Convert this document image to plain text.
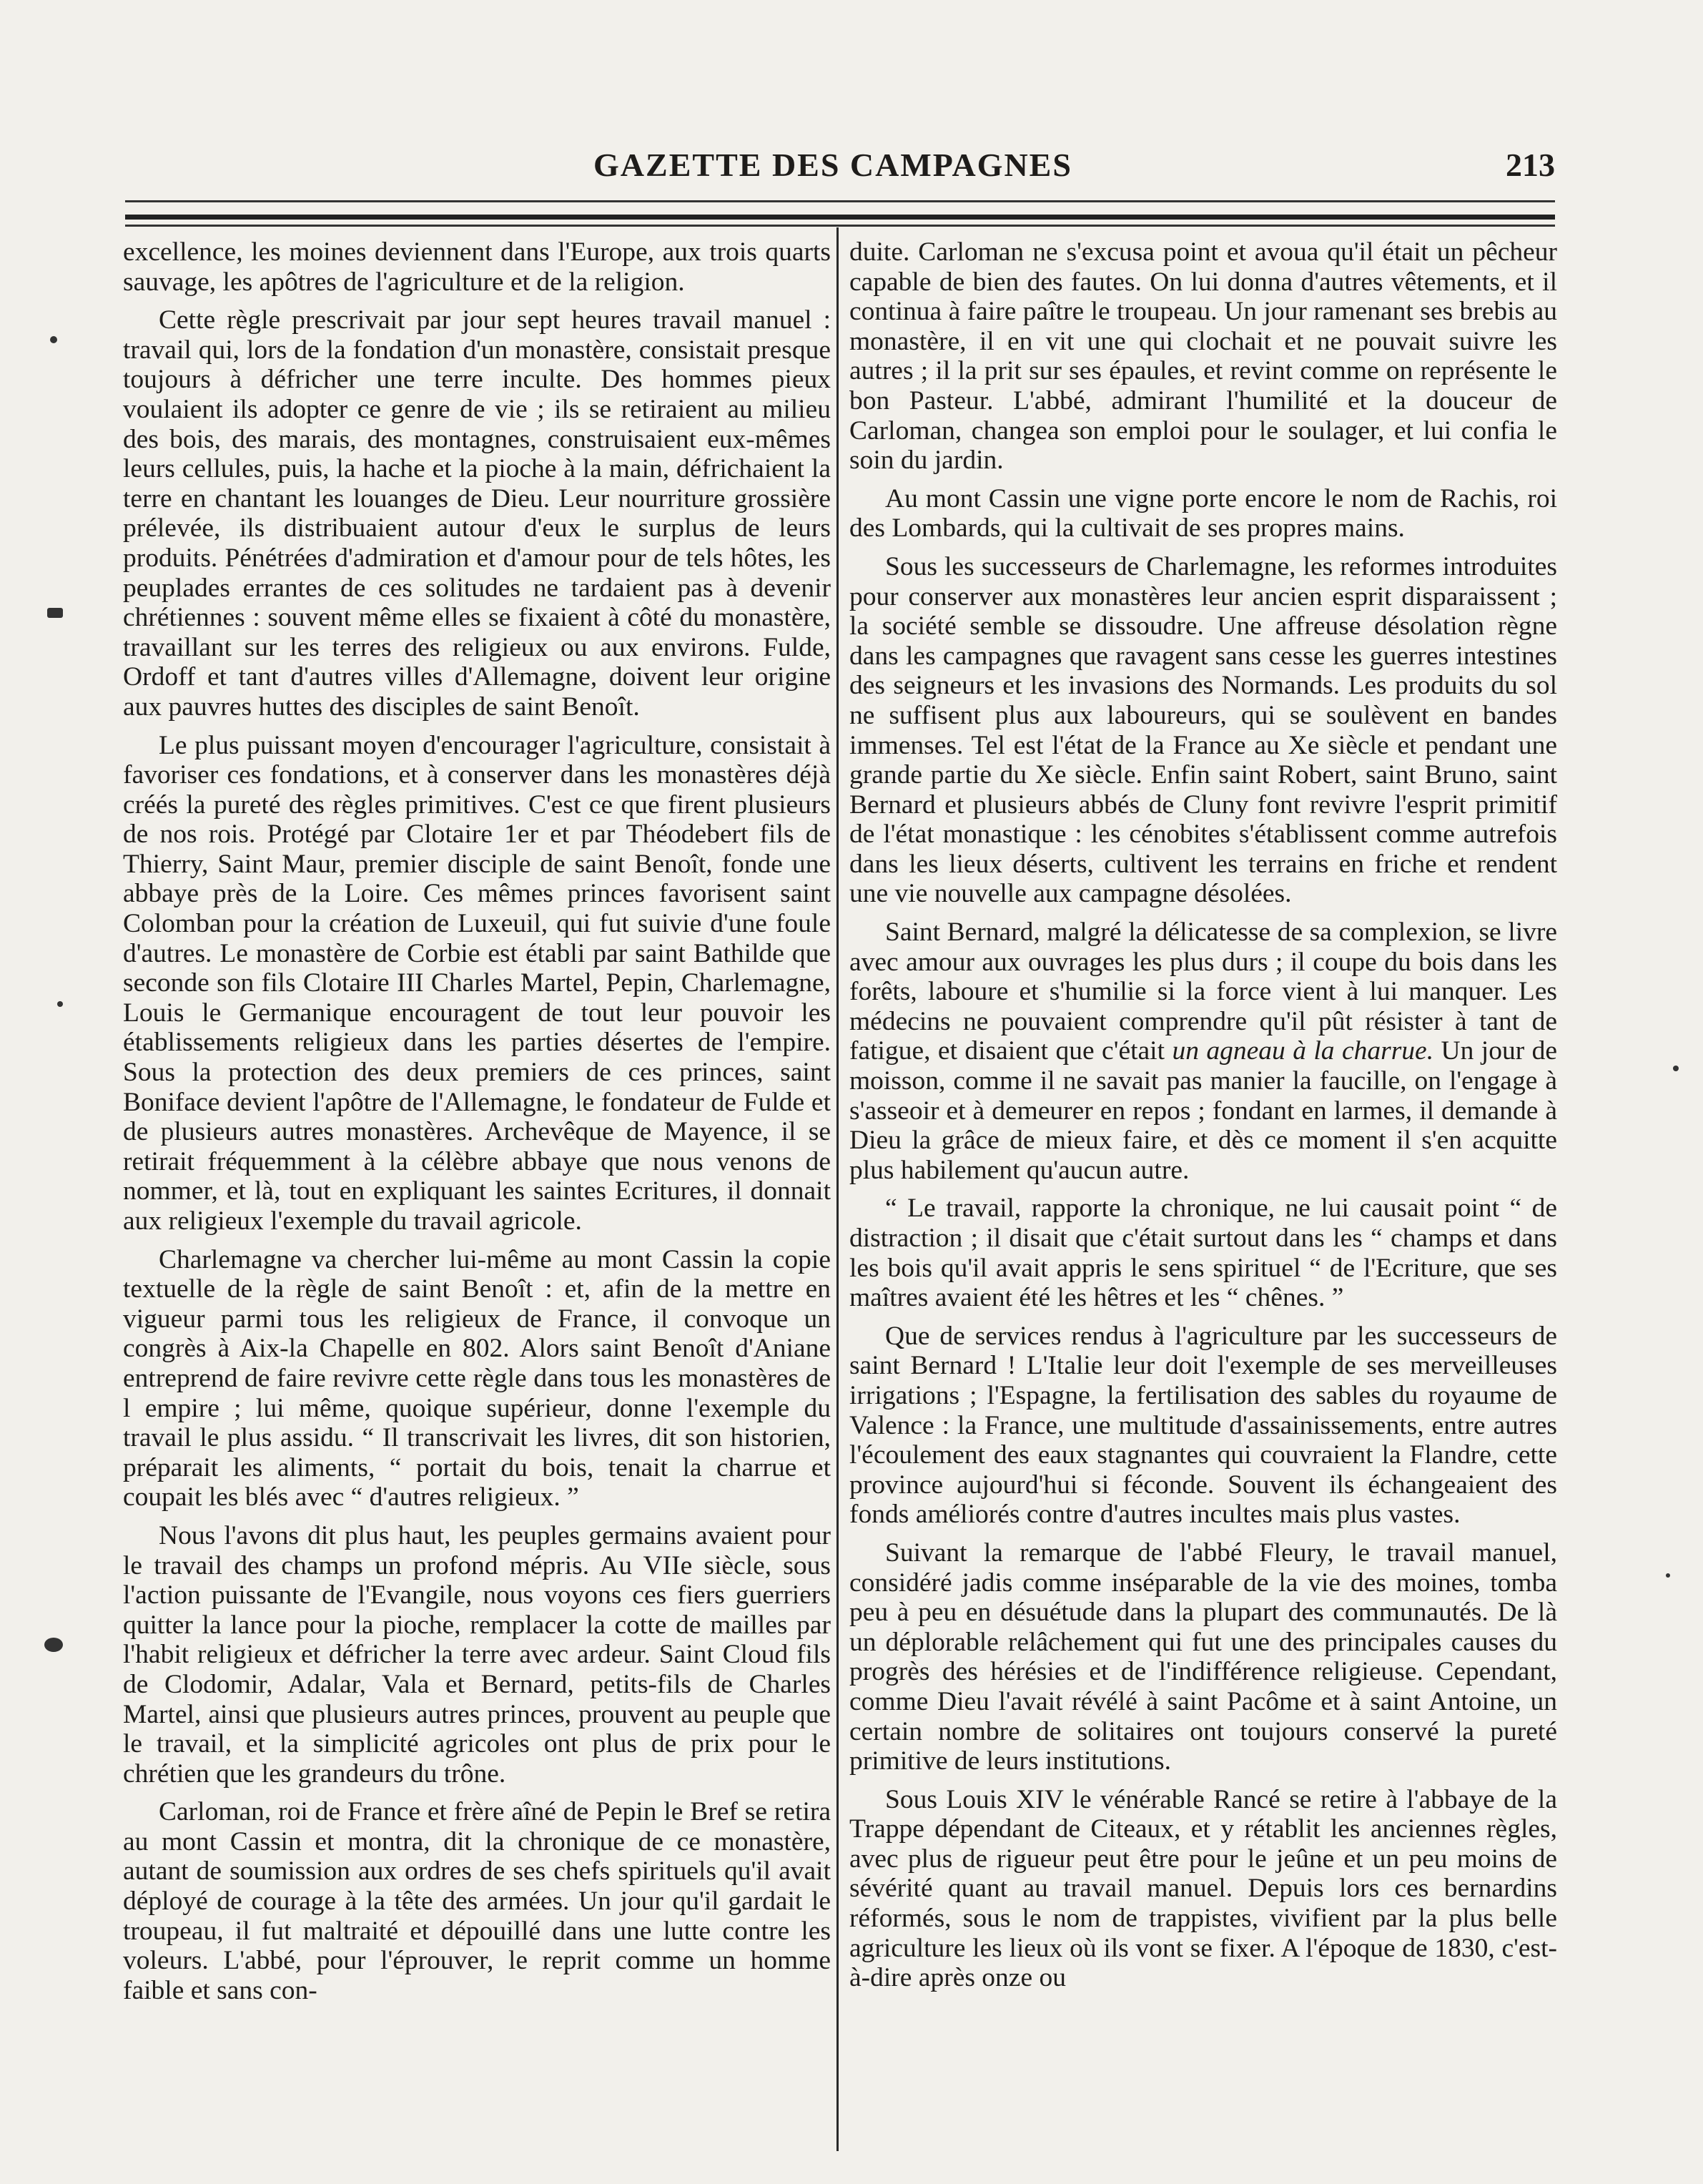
GAZETTE DES CAMPAGNES	213

excellence, les moines deviennent dans l'Europe, aux trois quarts sauvage, les apôtres de l'agriculture et de la religion.

Cette règle prescrivait par jour sept heures travail manuel : travail qui, lors de la fondation d'un monastère, consistait presque toujours à défricher une terre inculte. Des hommes pieux voulaient ils adopter ce genre de vie ; ils se retiraient au milieu des bois, des marais, des montagnes, construisaient eux-mêmes leurs cellules, puis, la hache et la pioche à la main, défrichaient la terre en chantant les louanges de Dieu. Leur nourriture grossière prélevée, ils distribuaient autour d'eux le surplus de leurs produits. Pénétrées d'admiration et d'amour pour de tels hôtes, les peuplades errantes de ces solitudes ne tardaient pas à devenir chrétiennes : souvent même elles se fixaient à côté du monastère, travaillant sur les terres des religieux ou aux environs. Fulde, Ordoff et tant d'autres villes d'Allemagne, doivent leur origine aux pauvres huttes des disciples de saint Benoît.

Le plus puissant moyen d'encourager l'agriculture, consistait à favoriser ces fondations, et à conserver dans les monastères déjà créés la pureté des règles primitives. C'est ce que firent plusieurs de nos rois. Protégé par Clotaire 1er et par Théodebert fils de Thierry, Saint Maur, premier disciple de saint Benoît, fonde une abbaye près de la Loire. Ces mêmes princes favorisent saint Colomban pour la création de Luxeuil, qui fut suivie d'une foule d'autres. Le monastère de Corbie est établi par saint Bathilde que seconde son fils Clotaire III Charles Martel, Pepin, Charlemagne, Louis le Germanique encouragent de tout leur pouvoir les établissements religieux dans les parties désertes de l'empire. Sous la protection des deux premiers de ces princes, saint Boniface devient l'apôtre de l'Allemagne, le fondateur de Fulde et de plusieurs autres monastères. Archevêque de Mayence, il se retirait fréquemment à la célèbre abbaye que nous venons de nommer, et là, tout en expliquant les saintes Ecritures, il donnait aux religieux l'exemple du travail agricole.

Charlemagne va chercher lui-même au mont Cassin la copie textuelle de la règle de saint Benoît : et, afin de la mettre en vigueur parmi tous les religieux de France, il convoque un congrès à Aix-la Chapelle en 802. Alors saint Benoît d'Aniane entreprend de faire revivre cette règle dans tous les monastères de l empire ; lui même, quoique supérieur, donne l'exemple du travail le plus assidu. “ Il transcrivait les livres, dit son historien, préparait les aliments, “ portait du bois, tenait la charrue et coupait les blés avec “ d'autres religieux. ”

Nous l'avons dit plus haut, les peuples germains avaient pour le travail des champs un profond mépris. Au VIIe siècle, sous l'action puissante de l'Evangile, nous voyons ces fiers guerriers quitter la lance pour la pioche, remplacer la cotte de mailles par l'habit religieux et défricher la terre avec ardeur. Saint Cloud fils de Clodomir, Adalar, Vala et Bernard, petits-fils de Charles Martel, ainsi que plusieurs autres princes, prouvent au peuple que le travail, et la simplicité agricoles ont plus de prix pour le chrétien que les grandeurs du trône.

Carloman, roi de France et frère aîné de Pepin le Bref se retira au mont Cassin et montra, dit la chronique de ce monastère, autant de soumission aux ordres de ses chefs spirituels qu'il avait déployé de courage à la tête des armées. Un jour qu'il gardait le troupeau, il fut maltraité et dépouillé dans une lutte contre les voleurs. L'abbé, pour l'éprouver, le reprit comme un homme faible et sans con-

duite. Carloman ne s'excusa point et avoua qu'il était un pêcheur capable de bien des fautes. On lui donna d'autres vêtements, et il continua à faire paître le troupeau. Un jour ramenant ses brebis au monastère, il en vit une qui clochait et ne pouvait suivre les autres ; il la prit sur ses épaules, et revint comme on représente le bon Pasteur. L'abbé, admirant l'humilité et la douceur de Carloman, changea son emploi pour le soulager, et lui confia le soin du jardin.

Au mont Cassin une vigne porte encore le nom de Rachis, roi des Lombards, qui la cultivait de ses propres mains.

Sous les successeurs de Charlemagne, les reformes introduites pour conserver aux monastères leur ancien esprit disparaissent ; la société semble se dissoudre. Une affreuse désolation règne dans les campagnes que ravagent sans cesse les guerres intestines des seigneurs et les invasions des Normands. Les produits du sol ne suffisent plus aux laboureurs, qui se soulèvent en bandes immenses. Tel est l'état de la France au Xe siècle et pendant une grande partie du Xe siècle. Enfin saint Robert, saint Bruno, saint Bernard et plusieurs abbés de Cluny font revivre l'esprit primitif de l'état monastique : les cénobites s'établissent comme autrefois dans les lieux déserts, cultivent les terrains en friche et rendent une vie nouvelle aux campagne désolées.

Saint Bernard, malgré la délicatesse de sa complexion, se livre avec amour aux ouvrages les plus durs ; il coupe du bois dans les forêts, laboure et s'humilie si la force vient à lui manquer. Les médecins ne pouvaient comprendre qu'il pût résister à tant de fatigue, et disaient que c'était un agneau à la charrue. Un jour de moisson, comme il ne savait pas manier la faucille, on l'engage à s'asseoir et à demeurer en repos ; fondant en larmes, il demande à Dieu la grâce de mieux faire, et dès ce moment il s'en acquitte plus habilement qu'aucun autre.

“ Le travail, rapporte la chronique, ne lui causait point “ de distraction ; il disait que c'était surtout dans les “ champs et dans les bois qu'il avait appris le sens spirituel “ de l'Ecriture, que ses maîtres avaient été les hêtres et les “ chênes. ”

Que de services rendus à l'agriculture par les successeurs de saint Bernard ! L'Italie leur doit l'exemple de ses merveilleuses irrigations ; l'Espagne, la fertilisation des sables du royaume de Valence : la France, une multitude d'assainissements, entre autres l'écoulement des eaux stagnantes qui couvraient la Flandre, cette province aujourd'hui si féconde. Souvent ils échangeaient des fonds améliorés contre d'autres incultes mais plus vastes.

Suivant la remarque de l'abbé Fleury, le travail manuel, considéré jadis comme inséparable de la vie des moines, tomba peu à peu en désuétude dans la plupart des communautés. De là un déplorable relâchement qui fut une des principales causes du progrès des hérésies et de l'indifférence religieuse. Cependant, comme Dieu l'avait révélé à saint Pacôme et à saint Antoine, un certain nombre de solitaires ont toujours conservé la pureté primitive de leurs institutions.

Sous Louis XIV le vénérable Rancé se retire à l'abbaye de la Trappe dépendant de Citeaux, et y rétablit les anciennes règles, avec plus de rigueur peut être pour le jeûne et un peu moins de sévérité quant au travail manuel. Depuis lors ces bernardins réformés, sous le nom de trappistes, vivifient par la plus belle agriculture les lieux où ils vont se fixer. A l'époque de 1830, c'est-à-dire après onze ou
